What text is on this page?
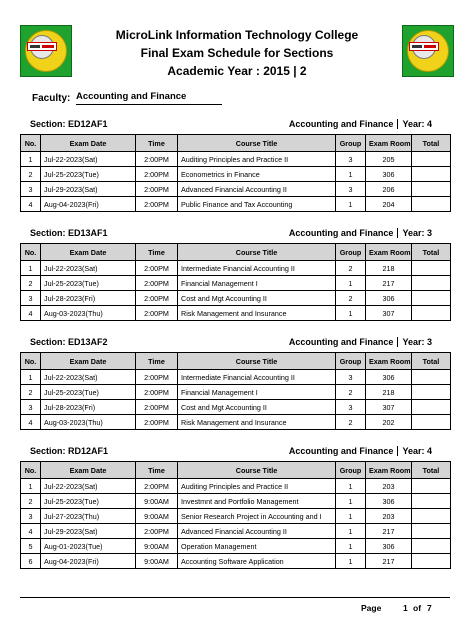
MicroLink Information Technology College
Final Exam Schedule for Sections
Academic Year : 2015 | 2
Faculty: Accounting and Finance
Section: ED12AF1	Accounting and Finance Year: 4
No.	Exam Date	Time	Course Title	Group	Exam Room	Total
1	Jul-22-2023(Sat)	2:00PM	Auditing Principles and Practice II	3	205	
2	Jul-25-2023(Tue)	2:00PM	Econometrics in Finance	1	306	
3	Jul-29-2023(Sat)	2:00PM	Advanced Financial Accounting II	3	206	
4	Aug-04-2023(Fri)	2:00PM	Public Finance and Tax Accounting	1	204	
Section: ED13AF1	Accounting and Finance Year: 3
No.	Exam Date	Time	Course Title	Group	Exam Room	Total
1	Jul-22-2023(Sat)	2:00PM	Intermediate Financial Accounting II	2	218	
2	Jul-25-2023(Tue)	2:00PM	Financial Management I	1	217	
3	Jul-28-2023(Fri)	2:00PM	Cost and Mgt Accounting II	2	306	
4	Aug-03-2023(Thu)	2:00PM	Risk Management and Insurance	1	307	
Section: ED13AF2	Accounting and Finance Year: 3
No.	Exam Date	Time	Course Title	Group	Exam Room	Total
1	Jul-22-2023(Sat)	2:00PM	Intermediate Financial Accounting II	3	306	
2	Jul-25-2023(Tue)	2:00PM	Financial Management I	2	218	
3	Jul-28-2023(Fri)	2:00PM	Cost and Mgt Accounting II	3	307	
4	Aug-03-2023(Thu)	2:00PM	Risk Management and Insurance	2	202	
Section: RD12AF1	Accounting and Finance Year: 4
No.	Exam Date	Time	Course Title	Group	Exam Room	Total
1	Jul-22-2023(Sat)	2:00PM	Auditing Principles and Practice II	1	203	
2	Jul-25-2023(Tue)	9:00AM	Investmnt and Portfolio Management	1	306	
3	Jul-27-2023(Thu)	9:00AM	Senior Research Project in Accounting and I	1	203	
4	Jul-29-2023(Sat)	2:00PM	Advanced Financial Accounting II	1	217	
5	Aug-01-2023(Tue)	9:00AM	Operation Management	1	306	
6	Aug-04-2023(Fri)	9:00AM	Accounting Software Application	1	217	
Page	1 of 7
